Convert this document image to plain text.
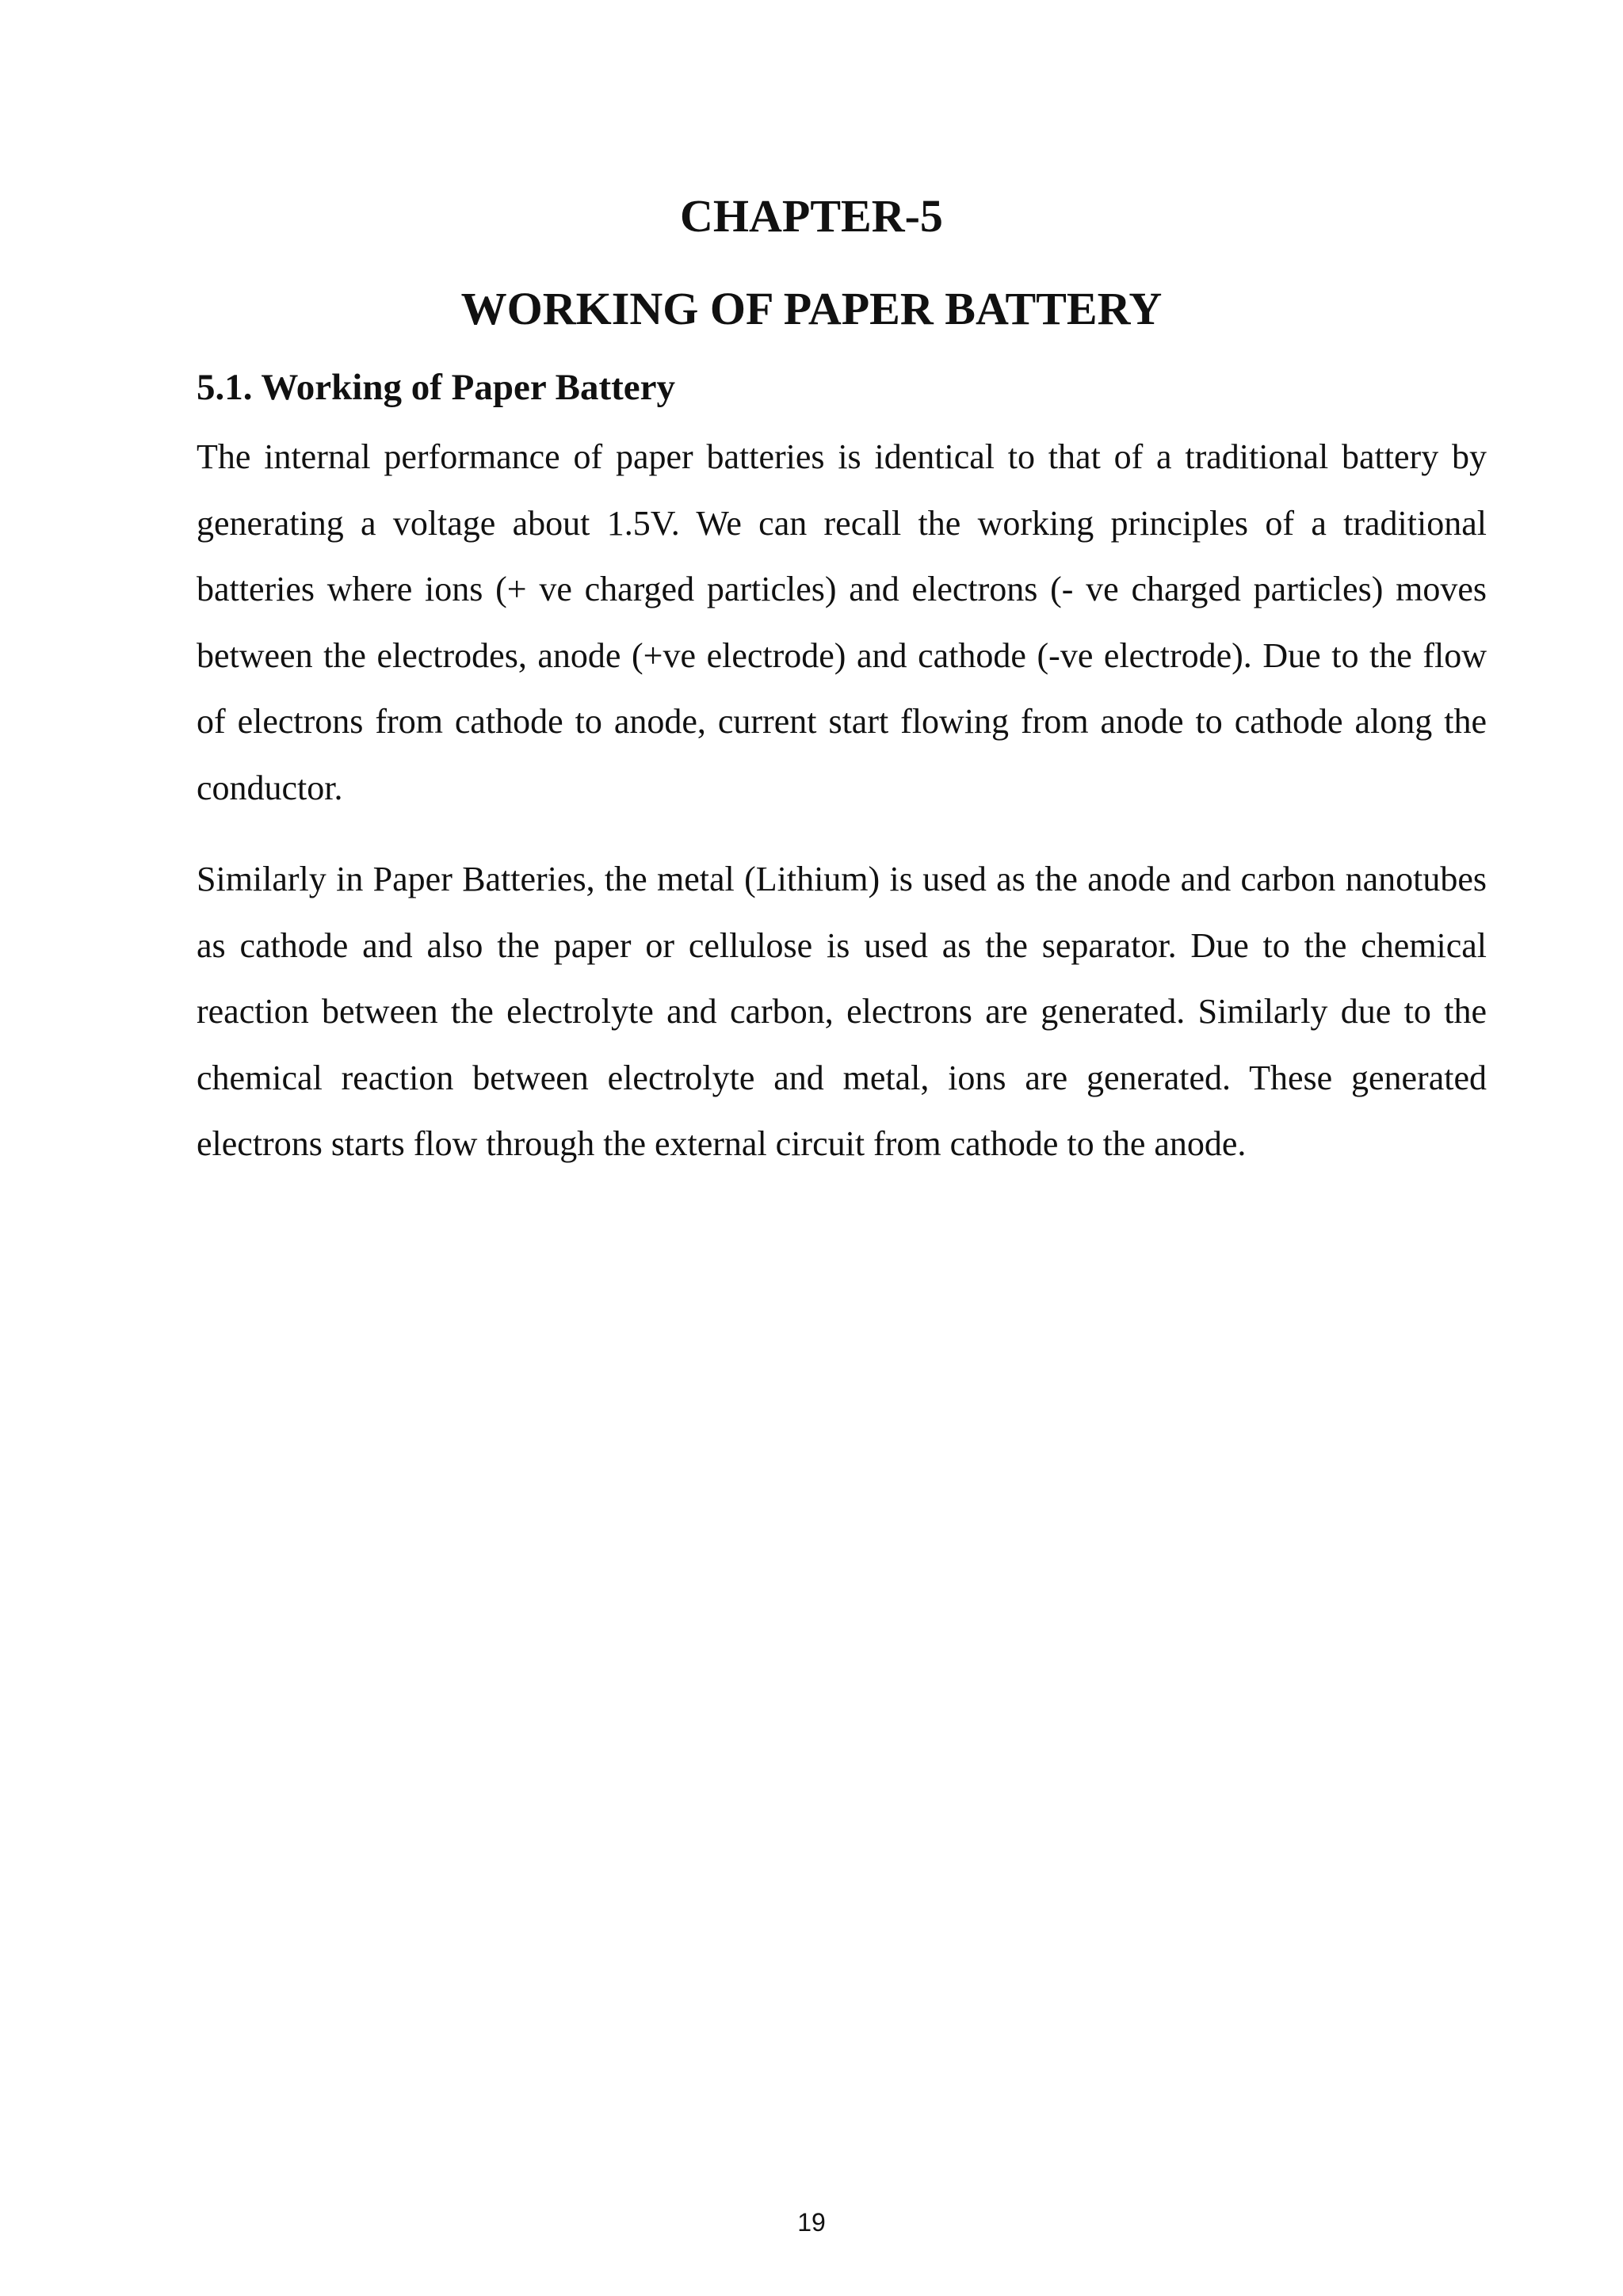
CHAPTER-5
WORKING OF PAPER BATTERY
5.1. Working of Paper Battery

The internal performance of paper batteries is identical to that of a traditional battery by generating a voltage about 1.5V. We can recall the working principles of a traditional batteries where ions (+ ve charged particles) and electrons (- ve charged particles) moves between the electrodes, anode (+ve electrode) and cathode (-ve electrode). Due to the flow of electrons from cathode to anode, current start flowing from anode to cathode along the conductor.

Similarly in Paper Batteries, the metal (Lithium) is used as the anode and carbon nanotubes as cathode and also the paper or cellulose is used as the separator. Due to the chemical reaction between the electrolyte and carbon, electrons are generated. Similarly due to the chemical reaction between electrolyte and metal, ions are generated. These generated electrons starts flow through the external circuit from cathode to the anode.

19
